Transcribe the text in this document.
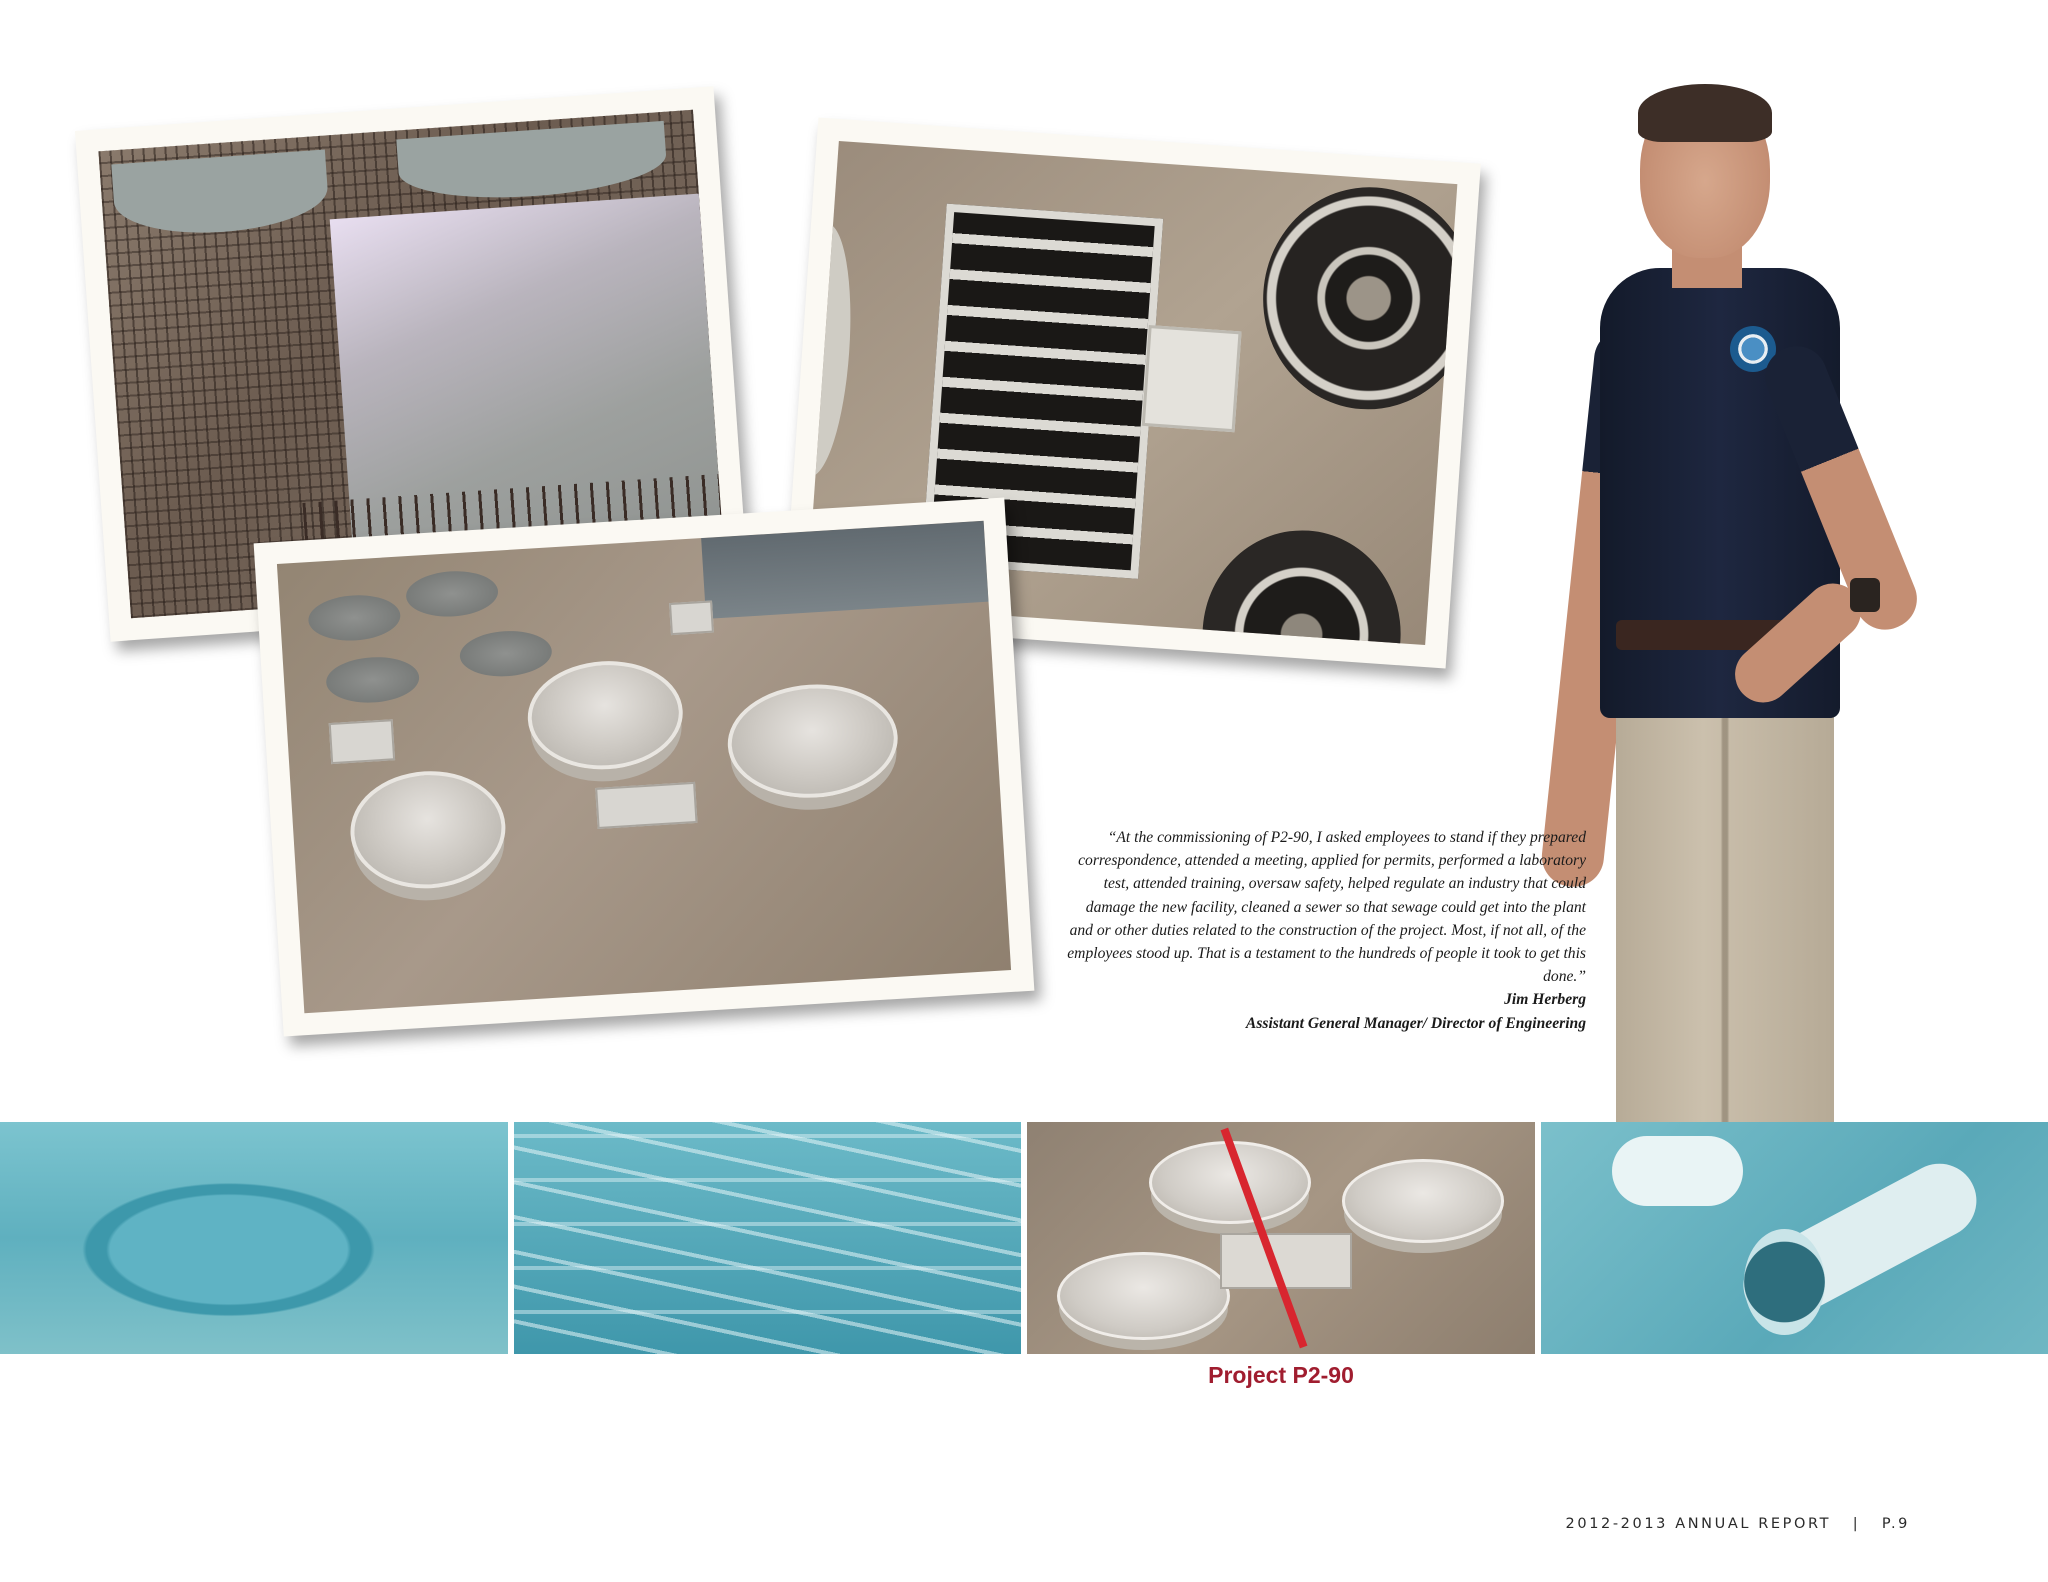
“At the commissioning of P2-90, I asked employees to stand if they prepared correspondence, attended a meeting, applied for permits, performed a laboratory test, attended training, oversaw safety, helped regulate an industry that could damage the new facility, cleaned a sewer so that sewage could get into the plant and or other duties related to the construction of the project. Most, if not all, of the employees stood up. That is a testament to the hundreds of people it took to get this done.”

Jim Herberg

Assistant General Manager/ Director of Engineering

Project P2-90
2012-2013 ANNUAL REPORT | P.9
